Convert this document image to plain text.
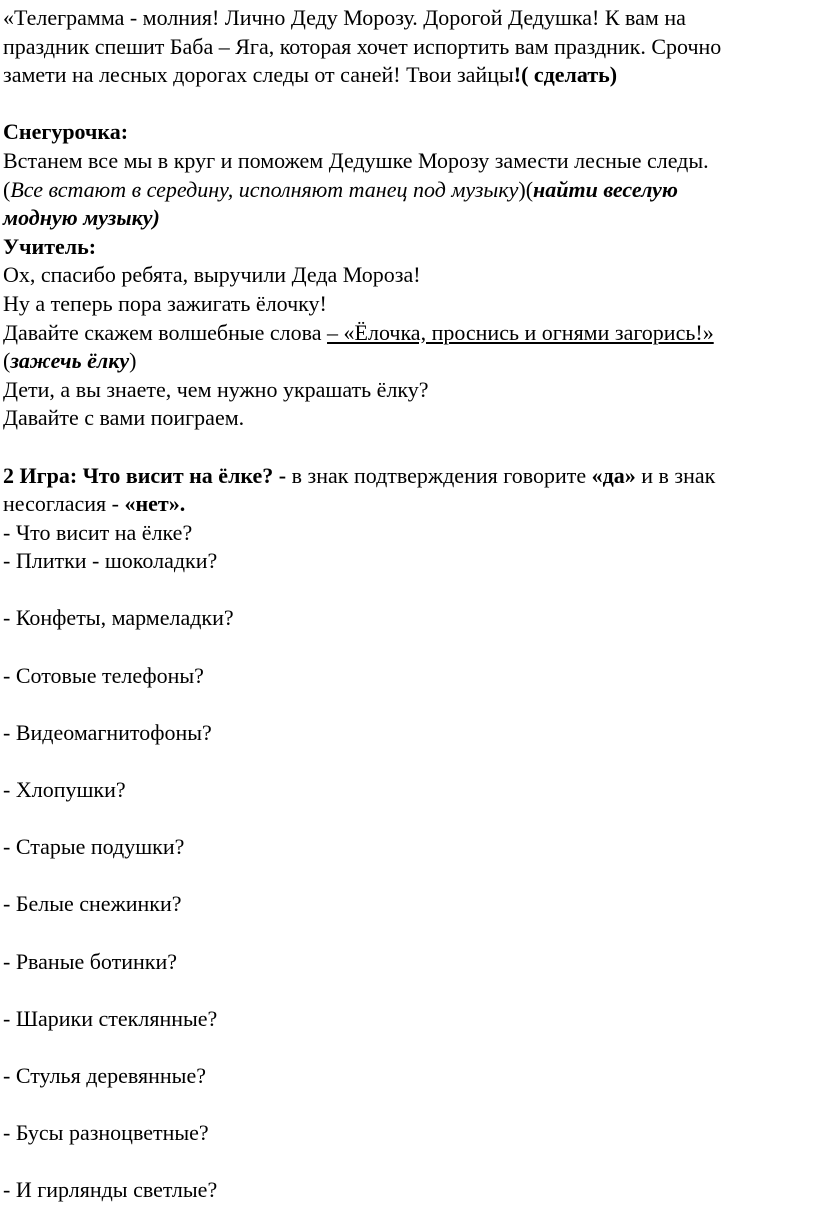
«Телеграмма - молния! Лично Деду Морозу. Дорогой Дедушка! К вам на
праздник спешит Баба – Яга, которая хочет испортить вам праздник. Срочно
замети на лесных дорогах следы от саней! Твои зайцы!( сделать)
Снегурочка:
Встанем все мы в круг и поможем Дедушке Морозу замести лесные следы.
(Все встают в середину, исполняют танец под музыку)(найти веселую
модную музыку)
Учитель:
Ох, спасибо ребята, выручили Деда Мороза!
Ну а теперь пора зажигать ёлочку!
Давайте скажем волшебные слова – «Ёлочка, проснись и огнями загорись!»
(зажечь ёлку)
Дети, а вы знаете, чем нужно украшать ёлку?
Давайте с вами поиграем.
2 Игра: Что висит на ёлке? - в знак подтверждения говорите «да» и в знак
несогласия - «нет».
- Что висит на ёлке?
- Плитки - шоколадки?
- Конфеты, мармеладки?
- Сотовые телефоны?
- Видеомагнитофоны?
- Хлопушки?
- Старые подушки?
- Белые снежинки?
- Рваные ботинки?
- Шарики стеклянные?
- Стулья деревянные?
- Бусы разноцветные?
- И гирлянды светлые?
